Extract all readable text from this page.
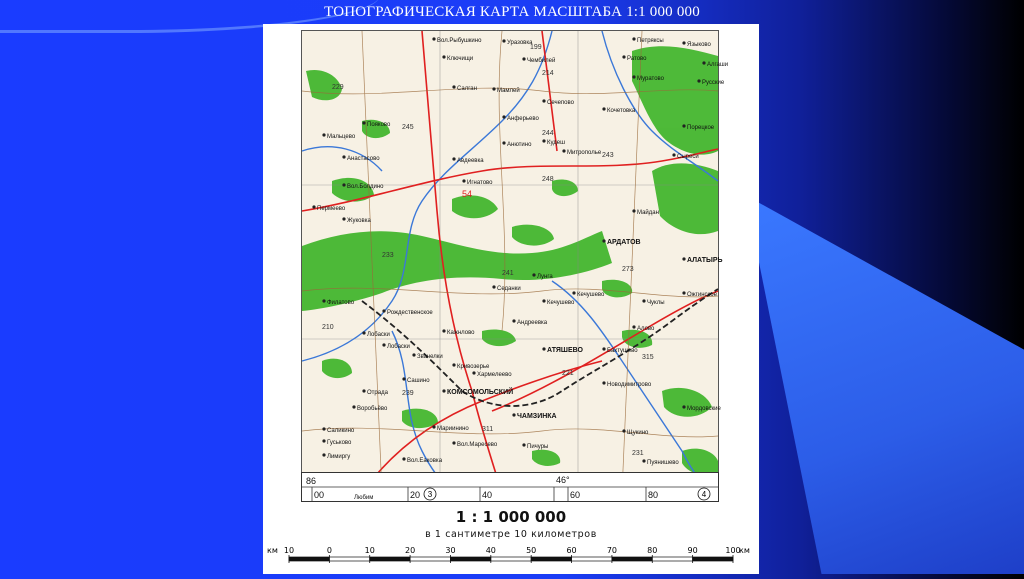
ТОПОГРАФИЧЕСКАЯ КАРТА МАСШТАБА 1:1 000 000
Вол.Рыбушкино	Уразовка	Петряксы
Языково
Ключищи	Чембилей	Ратово
Алгаши
Салган	Мамлей
Муратово
Русские
Сечепово
Кочетовка
Анферьево
Порецкое
Пояково
Сыреси
Мальцево
Анютино
Митрополье
Анастасово	Авдеевка
Игнатово
Вол.Болдино
Пермеево
Жуковка
Майдан
АРДАТОВ
АЛАТЫРЬ
Кечушево
Лунга
Седанки
Ожгинское
Чуклы
Алово
Филатово
Рождественское
Кажнлово
Андреевка
Лобаски
АТЯШЕВО	Бахтушево
Звачелки
Хармелеево
Кривозерье
КОМСОМОЛЬСКИЙ
ЧАМЗИНКА
Новодимитрово
Саликино
Гуськово
Мариинино
Вол.Маресево	Пичуры
Вол.Еаковка
Щукино
Лимиргу
Воробьёво
Сашино
Отрада
Пуянишево
Кечушево
Мордовские
Кудеш
Лобаски
229
199
214
245
244
243
248
241
273
233
210
239
311
231
315
221
54
86
Любим
00	20	40
46°
60	80
3	4
1 : 1 000 000
в 1 сантиметре 10 километров
км	км
10	0	10	20	30	40	50	60	70	80	90	100
